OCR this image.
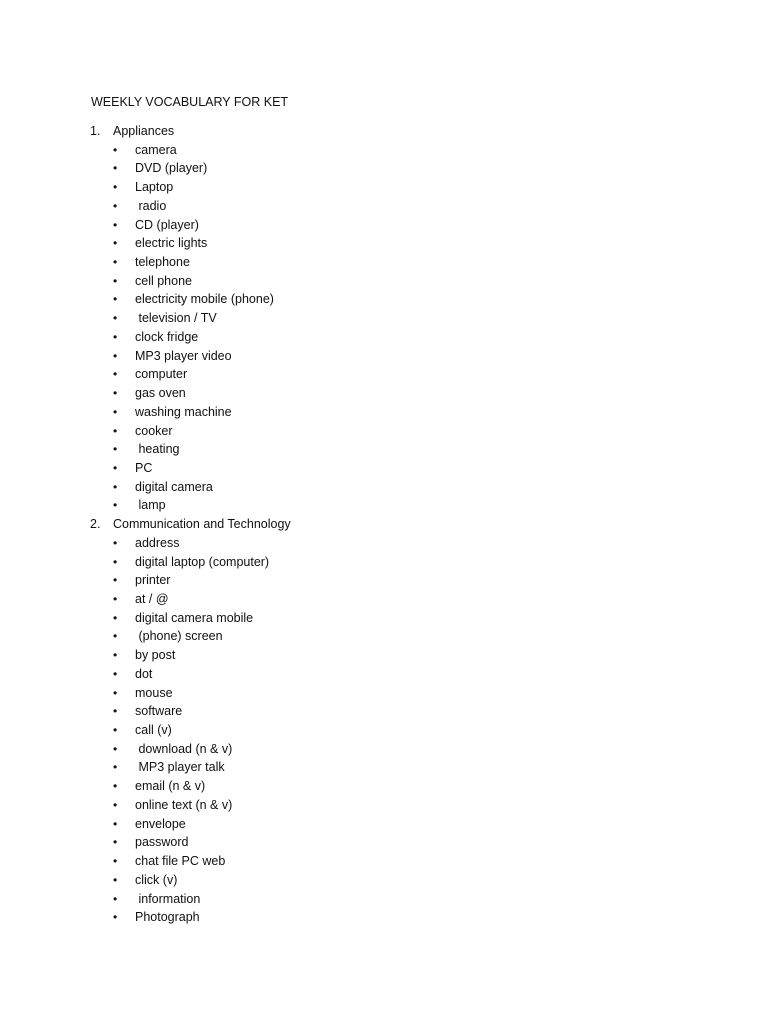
WEEKLY VOCABULARY FOR KET
1. Appliances
• camera
• DVD (player)
• Laptop
• radio
• CD (player)
• electric lights
• telephone
• cell phone
• electricity mobile (phone)
• television / TV
• clock fridge
• MP3 player video
• computer
• gas oven
• washing machine
• cooker
• heating
• PC
• digital camera
• lamp
2. Communication and Technology
• address
• digital laptop (computer)
• printer
• at / @
• digital camera mobile
• (phone) screen
• by post
• dot
• mouse
• software
• call (v)
• download (n & v)
• MP3 player talk
• email (n & v)
• online text (n & v)
• envelope
• password
• chat file PC web
• click (v)
• information
• Photograph
